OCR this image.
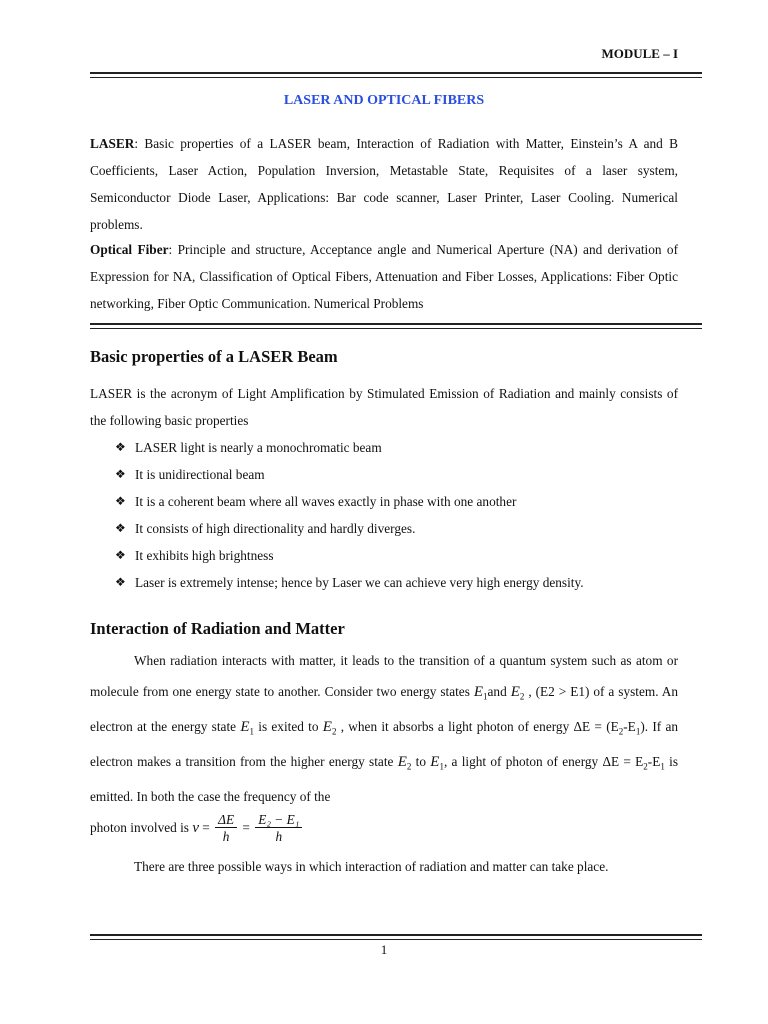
MODULE – I
LASER AND OPTICAL FIBERS
LASER: Basic properties of a LASER beam, Interaction of Radiation with Matter, Einstein’s A and B Coefficients, Laser Action, Population Inversion, Metastable State, Requisites of a laser system, Semiconductor Diode Laser, Applications: Bar code scanner, Laser Printer, Laser Cooling. Numerical problems.
Optical Fiber: Principle and structure, Acceptance angle and Numerical Aperture (NA) and derivation of Expression for NA, Classification of Optical Fibers, Attenuation and Fiber Losses, Applications: Fiber Optic networking, Fiber Optic Communication. Numerical Problems
Basic properties of a LASER Beam
LASER is the acronym of Light Amplification by Stimulated Emission of Radiation and mainly consists of the following basic properties
❖ LASER light is nearly a monochromatic beam
❖ It is unidirectional beam
❖ It is a coherent beam where all waves exactly in phase with one another
❖ It consists of high directionality and hardly diverges.
❖ It exhibits high brightness
❖ Laser is extremely intense; hence by Laser we can achieve very high energy density.
Interaction of Radiation and Matter
When radiation interacts with matter, it leads to the transition of a quantum system such as atom or molecule from one energy state to another. Consider two energy states $E_1and$ $E_2$ , (E2 > E1) of a system. An electron at the energy state $E_1$ is exited to $E_2$ , when it absorbs a light photon of energy $\Delta E = (E_2-E_1)$. If an electron makes a transition from the higher energy state $E_2$ to $E_1$, a light of photon of energy $\Delta E = E_2-E_1$ is emitted. In both the case the frequency of the
photon involved is $\nu = \frac{\Delta E}{h} = \frac{\text{E₂ − E₁}}{h}$
There are three possible ways in which interaction of radiation and matter can take place.
1
